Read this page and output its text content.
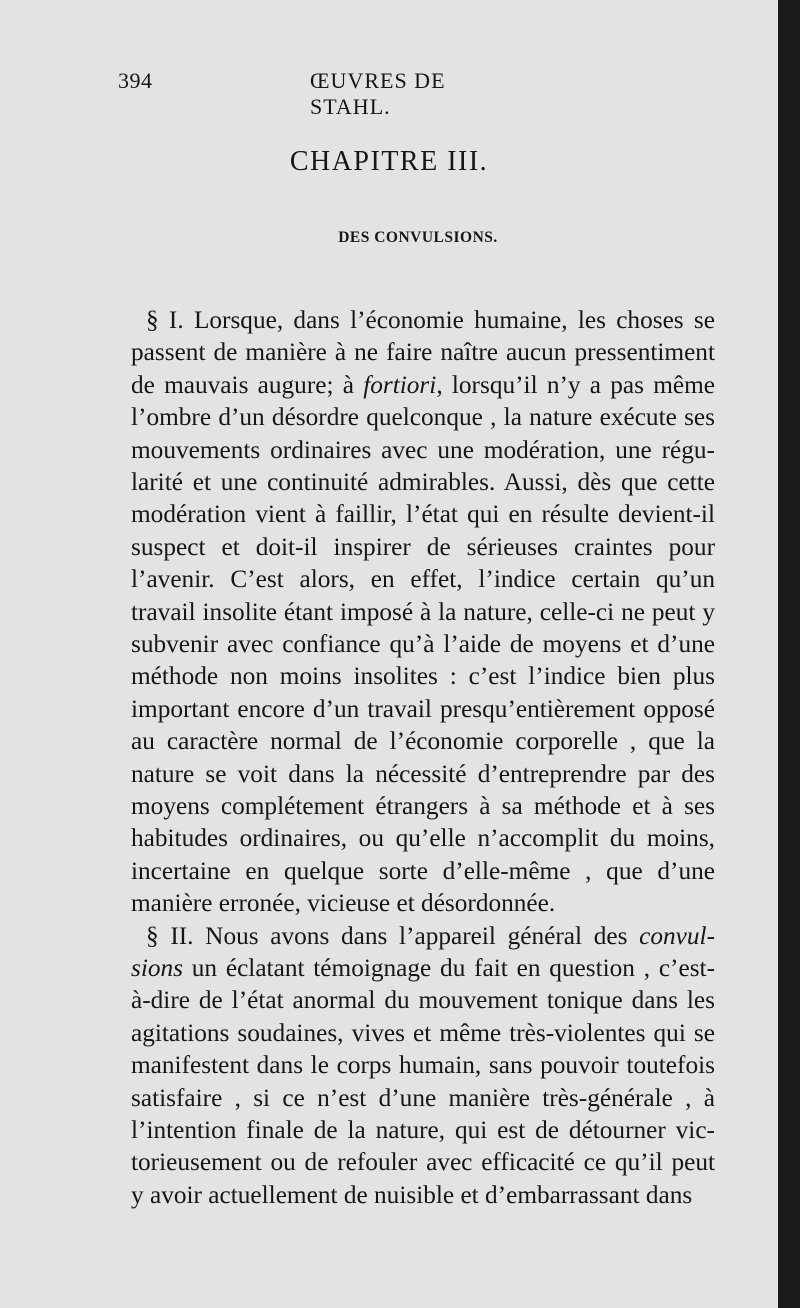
394	ŒUVRES DE STAHL.
CHAPITRE III.
DES CONVULSIONS.
§ I. Lorsque, dans l’économie humaine, les choses se
passent de manière à ne faire naître aucun pressentiment
de mauvais augure; à fortiori, lorsqu’il n’y a pas même
l’ombre d’un désordre quelconque , la nature exécute ses
mouvements ordinaires avec une modération, une régu-
larité et une continuité admirables. Aussi, dès que cette
modération vient à faillir, l’état qui en résulte devient-il
suspect et doit-il inspirer de sérieuses craintes pour
l’avenir. C’est alors, en effet, l’indice certain qu’un
travail insolite étant imposé à la nature, celle-ci ne peut y
subvenir avec confiance qu’à l’aide de moyens et d’une
méthode non moins insolites : c’est l’indice bien plus
important encore d’un travail presqu’entièrement opposé
au caractère normal de l’économie corporelle , que la
nature se voit dans la nécessité d’entreprendre par des
moyens complétement étrangers à sa méthode et à ses
habitudes ordinaires, ou qu’elle n’accomplit du moins,
incertaine en quelque sorte d’elle-même , que d’une
manière erronée, vicieuse et désordonnée.
§ II. Nous avons dans l’appareil général des convul-
sions un éclatant témoignage du fait en question , c’est-
à-dire de l’état anormal du mouvement tonique dans les
agitations soudaines, vives et même très-violentes qui se
manifestent dans le corps humain, sans pouvoir toutefois
satisfaire , si ce n’est d’une manière très-générale , à
l’intention finale de la nature, qui est de détourner vic-
torieusement ou de refouler avec efficacité ce qu’il peut
y avoir actuellement de nuisible et d’embarrassant dans
